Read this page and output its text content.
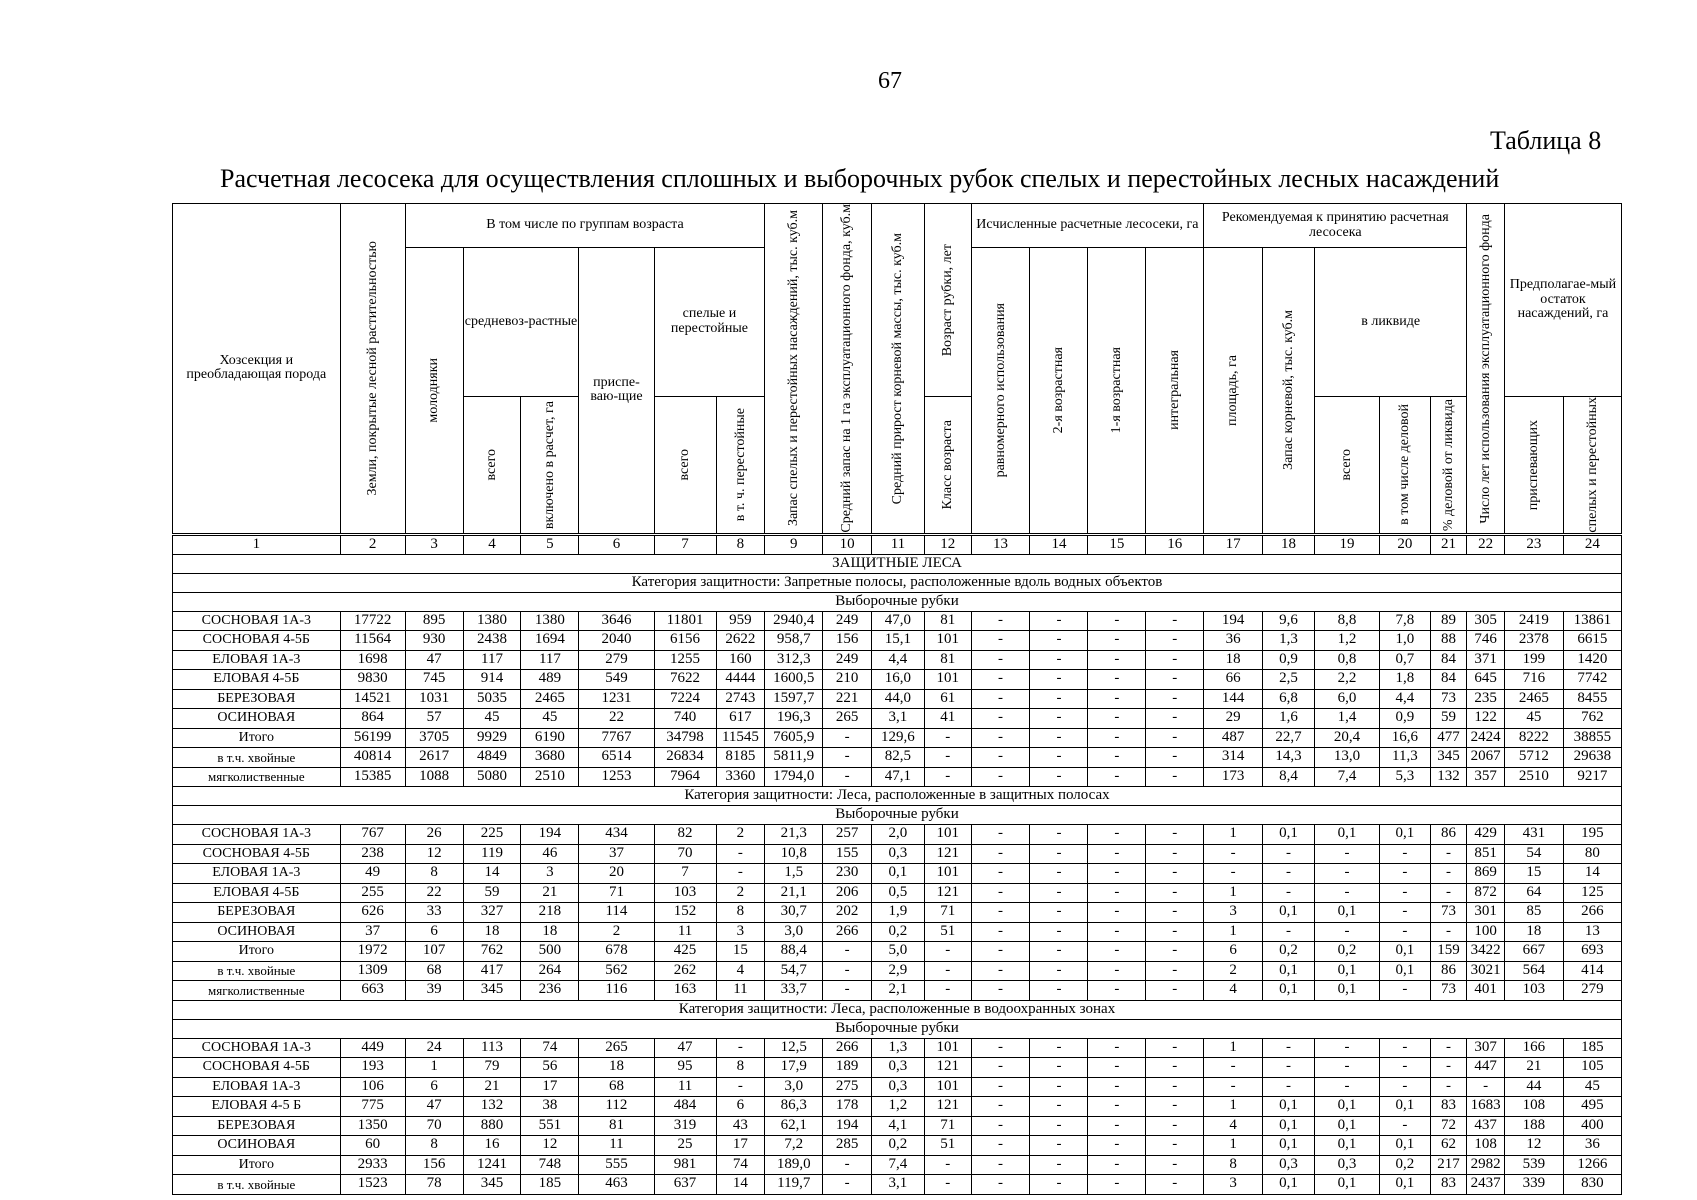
67
Таблица 8
Расчетная лесосека для осуществления сплошных и выборочных рубок спелых и перестойных лесных насаждений
Хозсекция и преобладающая порода	Земли, покрытые лесной растительностью	В том числе по группам возраста						Запас спелых и перестойных насаждений, тыс. куб.м	Средний запас на 1 га эксплуатационного фонда, куб.м	Средний прирост корневой массы, тыс. куб.м	Возраст рубки, лет	Исчисленные расчетные лесосеки, га				Рекомендуемая к принятию расчетная лесосека					Число лет использования эксплуатационного фонда	Предполагае-мый остаток насаждений, га	

		молодняки	средневоз-растные		приспе-ваю-щие	спелые и перестойные						равномерного использования	2-я возрастная	1-я возрастная	интегральная	площадь, га	Запас корневой, тыс. куб.м	в ликвиде					

			всего	включено в расчет, га		всего	в т. ч. перестойные				Класс возраста							всего	в том числе деловой	% деловой от ликвида		приспевающих	спелых и перестойных

1	2	3	4	5	6	7	8	9	10	11	12	13	14	15	16	17	18	19	20	21	22	23	24
ЗАЩИТНЫЕ ЛЕСА																							
Категория защитности: Запретные полосы, расположенные вдоль водных объектов																							
Выборочные рубки																							
СОСНОВАЯ 1А-3	17722	895	1380	1380	3646	11801	959	2940,4	249	47,0	81	-	-	-	-	194	9,6	8,8	7,8	89	305	2419	13861
СОСНОВАЯ 4-5Б	11564	930	2438	1694	2040	6156	2622	958,7	156	15,1	101	-	-	-	-	36	1,3	1,2	1,0	88	746	2378	6615
ЕЛОВАЯ 1А-3	1698	47	117	117	279	1255	160	312,3	249	4,4	81	-	-	-	-	18	0,9	0,8	0,7	84	371	199	1420
ЕЛОВАЯ 4-5Б	9830	745	914	489	549	7622	4444	1600,5	210	16,0	101	-	-	-	-	66	2,5	2,2	1,8	84	645	716	7742
БЕРЕЗОВАЯ	14521	1031	5035	2465	1231	7224	2743	1597,7	221	44,0	61	-	-	-	-	144	6,8	6,0	4,4	73	235	2465	8455
ОСИНОВАЯ	864	57	45	45	22	740	617	196,3	265	3,1	41	-	-	-	-	29	1,6	1,4	0,9	59	122	45	762
Итого	56199	3705	9929	6190	7767	34798	11545	7605,9	-	129,6	-	-	-	-	-	487	22,7	20,4	16,6	477	2424	8222	38855
в т.ч. хвойные	40814	2617	4849	3680	6514	26834	8185	5811,9	-	82,5	-	-	-	-	-	314	14,3	13,0	11,3	345	2067	5712	29638
мягколиственные	15385	1088	5080	2510	1253	7964	3360	1794,0	-	47,1	-	-	-	-	-	173	8,4	7,4	5,3	132	357	2510	9217
Категория защитности: Леса, расположенные в защитных полосах																							
Выборочные рубки																							
СОСНОВАЯ 1А-3	767	26	225	194	434	82	2	21,3	257	2,0	101	-	-	-	-	1	0,1	0,1	0,1	86	429	431	195
СОСНОВАЯ 4-5Б	238	12	119	46	37	70	-	10,8	155	0,3	121	-	-	-	-	-	-	-	-	-	851	54	80
ЕЛОВАЯ 1А-3	49	8	14	3	20	7	-	1,5	230	0,1	101	-	-	-	-	-	-	-	-	-	869	15	14
ЕЛОВАЯ 4-5Б	255	22	59	21	71	103	2	21,1	206	0,5	121	-	-	-	-	1	-	-	-	-	872	64	125
БЕРЕЗОВАЯ	626	33	327	218	114	152	8	30,7	202	1,9	71	-	-	-	-	3	0,1	0,1	-	73	301	85	266
ОСИНОВАЯ	37	6	18	18	2	11	3	3,0	266	0,2	51	-	-	-	-	1	-	-	-	-	100	18	13
Итого	1972	107	762	500	678	425	15	88,4	-	5,0	-	-	-	-	-	6	0,2	0,2	0,1	159	3422	667	693
в т.ч. хвойные	1309	68	417	264	562	262	4	54,7	-	2,9	-	-	-	-	-	2	0,1	0,1	0,1	86	3021	564	414
мягколиственные	663	39	345	236	116	163	11	33,7	-	2,1	-	-	-	-	-	4	0,1	0,1	-	73	401	103	279
Категория защитности: Леса, расположенные в водоохранных зонах																							
Выборочные рубки																							
СОСНОВАЯ 1А-3	449	24	113	74	265	47	-	12,5	266	1,3	101	-	-	-	-	1	-	-	-	-	307	166	185
СОСНОВАЯ 4-5Б	193	1	79	56	18	95	8	17,9	189	0,3	121	-	-	-	-	-	-	-	-	-	447	21	105
ЕЛОВАЯ 1А-3	106	6	21	17	68	11	-	3,0	275	0,3	101	-	-	-	-	-	-	-	-	-	-	44	45
ЕЛОВАЯ 4-5 Б	775	47	132	38	112	484	6	86,3	178	1,2	121	-	-	-	-	1	0,1	0,1	0,1	83	1683	108	495
БЕРЕЗОВАЯ	1350	70	880	551	81	319	43	62,1	194	4,1	71	-	-	-	-	4	0,1	0,1	-	72	437	188	400
ОСИНОВАЯ	60	8	16	12	11	25	17	7,2	285	0,2	51	-	-	-	-	1	0,1	0,1	0,1	62	108	12	36
Итого	2933	156	1241	748	555	981	74	189,0	-	7,4	-	-	-	-	-	8	0,3	0,3	0,2	217	2982	539	1266
в т.ч. хвойные	1523	78	345	185	463	637	14	119,7	-	3,1	-	-	-	-	-	3	0,1	0,1	0,1	83	2437	339	830
